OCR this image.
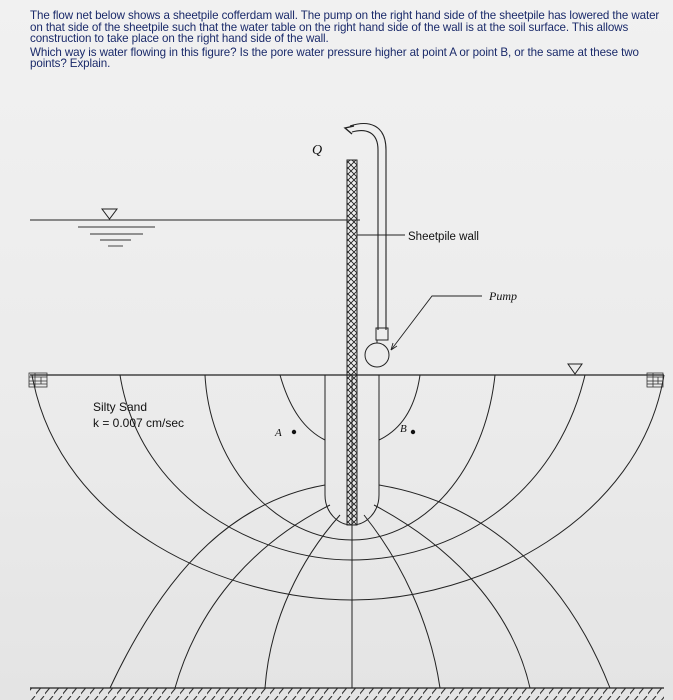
The flow net below shows a sheetpile cofferdam wall. The pump on the right hand side of the sheetpile has lowered the water on that side of the sheetpile such that the water table on the right hand side of the wall is at the soil surface. This allows construction to take place on the right hand side of the wall.

Which way is water flowing in this figure? Is the pore water pressure higher at point A or point B, or the same at these two points? Explain.

Q
Sheetpile wall
Pump
Silty Sand
k = 0.007 cm/sec
A	B
